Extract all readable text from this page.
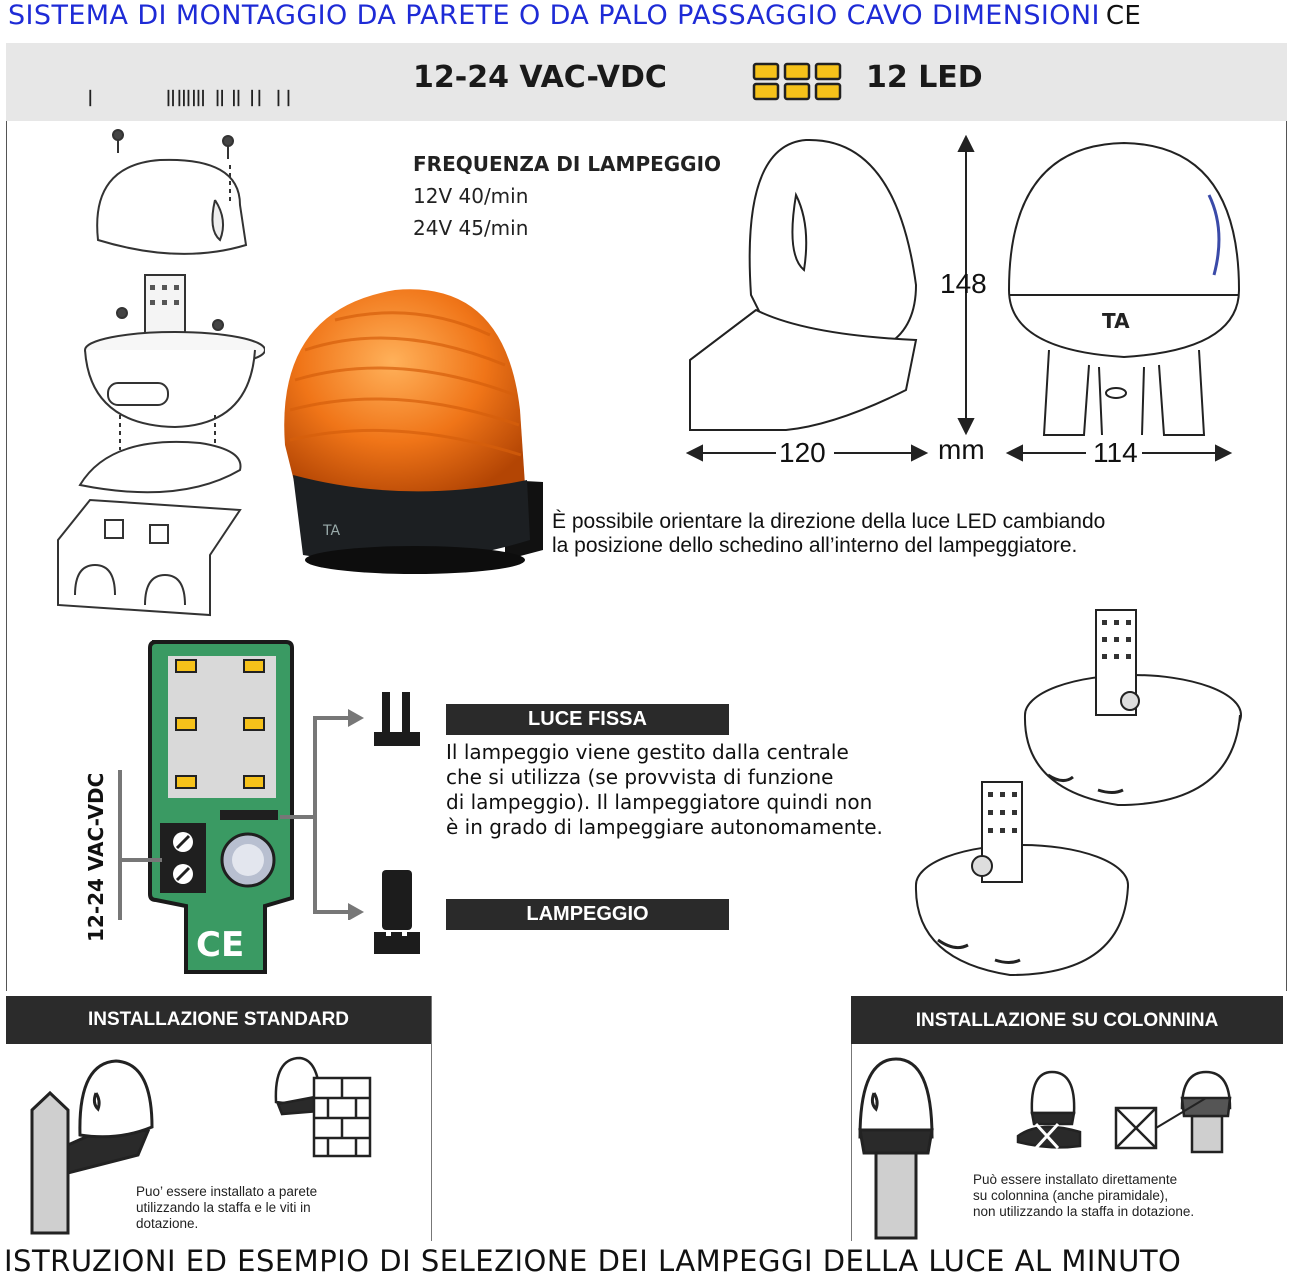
SISTEMA DI MONTAGGIO DA PARETE O DA PALO PASSAGGIO CAVO DIMENSIONI CE
12-24 VAC-VDC	12 LED
FREQUENZA DI LAMPEGGIO
12V 40/min
24V 45/min
TA
TA
148
120	mm	114
È possibile orientare la direzione della luce LED cambiando
la posizione dello schedino all’interno del lampeggiatore.
CE
12-24 VAC-VDC
LUCE FISSA
Il lampeggio viene gestito dalla centrale
che si utilizza (se provvista di funzione
di lampeggio). Il lampeggiatore quindi non
è in grado di lampeggiare autonomamente.
LAMPEGGIO
INSTALLAZIONE STANDARD
Puo’ essere installato a parete
utilizzando la staffa e le viti in
dotazione.
INSTALLAZIONE SU COLONNINA
Può essere installato direttamente
su colonnina (anche piramidale),
non utilizzando la staffa in dotazione.
ISTRUZIONI ED ESEMPIO DI SELEZIONE DEI LAMPEGGI DELLA LUCE AL MINUTO
